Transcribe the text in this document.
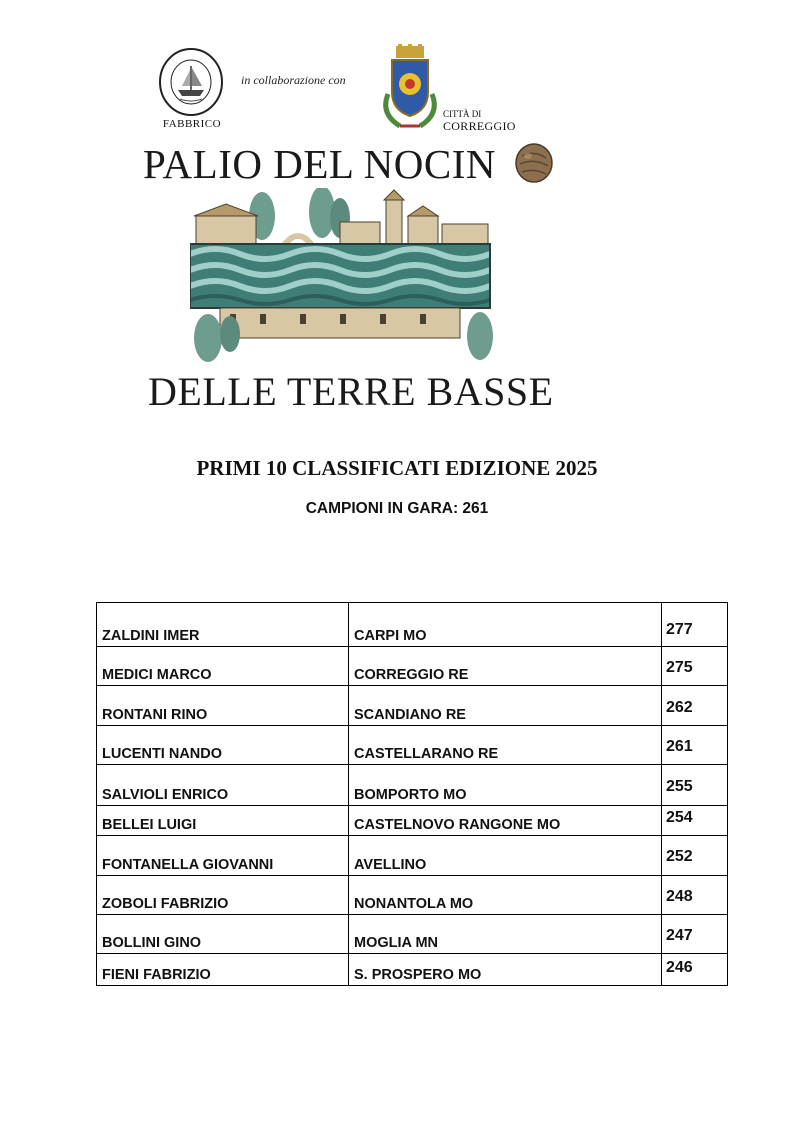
FABBRICO
in collaborazione con
CITTÀ DI
CORREGGIO
PALIO DEL NOCIN
DELLE TERRE BASSE
PRIMI 10 CLASSIFICATI EDIZIONE 2025
CAMPIONI IN GARA: 261
ZALDINI IMER	CARPI MO	277
MEDICI MARCO	CORREGGIO RE	275
RONTANI RINO	SCANDIANO RE	262
LUCENTI NANDO	CASTELLARANO RE	261
SALVIOLI ENRICO	BOMPORTO MO	255
BELLEI LUIGI	CASTELNOVO RANGONE MO	254
FONTANELLA GIOVANNI	AVELLINO	252
ZOBOLI FABRIZIO	NONANTOLA MO	248
BOLLINI GINO	MOGLIA MN	247
FIENI FABRIZIO	S. PROSPERO MO	246
